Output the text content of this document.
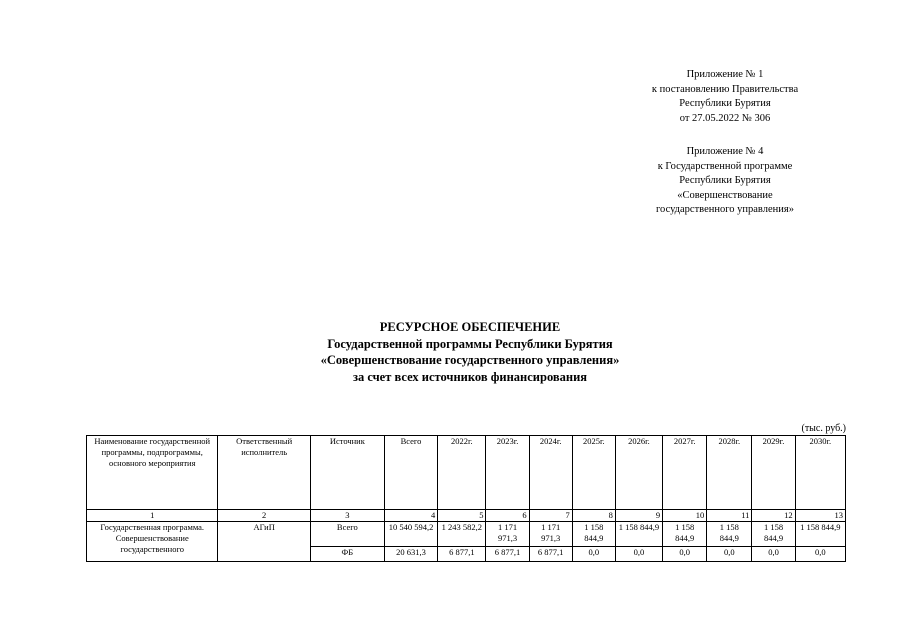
Приложение № 1
к постановлению Правительства
Республики Бурятия
от 27.05.2022 № 306
Приложение № 4
к Государственной программе
Республики Бурятия
«Совершенствование
государственного управления»
РЕСУРСНОЕ ОБЕСПЕЧЕНИЕ
Государственной программы Республики Бурятия
«Совершенствование государственного управления»
за счет всех источников финансирования
(тыс. руб.)
Наименование государственной программы, подпрограммы, основного мероприятия	Ответственный исполнитель	Источник	Всего	2022г.	2023г.	2024г.	2025г.	2026г.	2027г.	2028г.	2029г.	2030г.
1	2	3	4	5	6	7	8	9	10	11	12	13
Государственная программа. Совершенствование государственного	АГиП	Всего	10 540 594,2	1 243 582,2	1 171 971,3	1 171 971,3	1 158 844,9	1 158 844,9	1 158 844,9	1 158 844,9	1 158 844,9	1 158 844,9
		ФБ	20 631,3	6 877,1	6 877,1	6 877,1	0,0	0,0	0,0	0,0	0,0	0,0
